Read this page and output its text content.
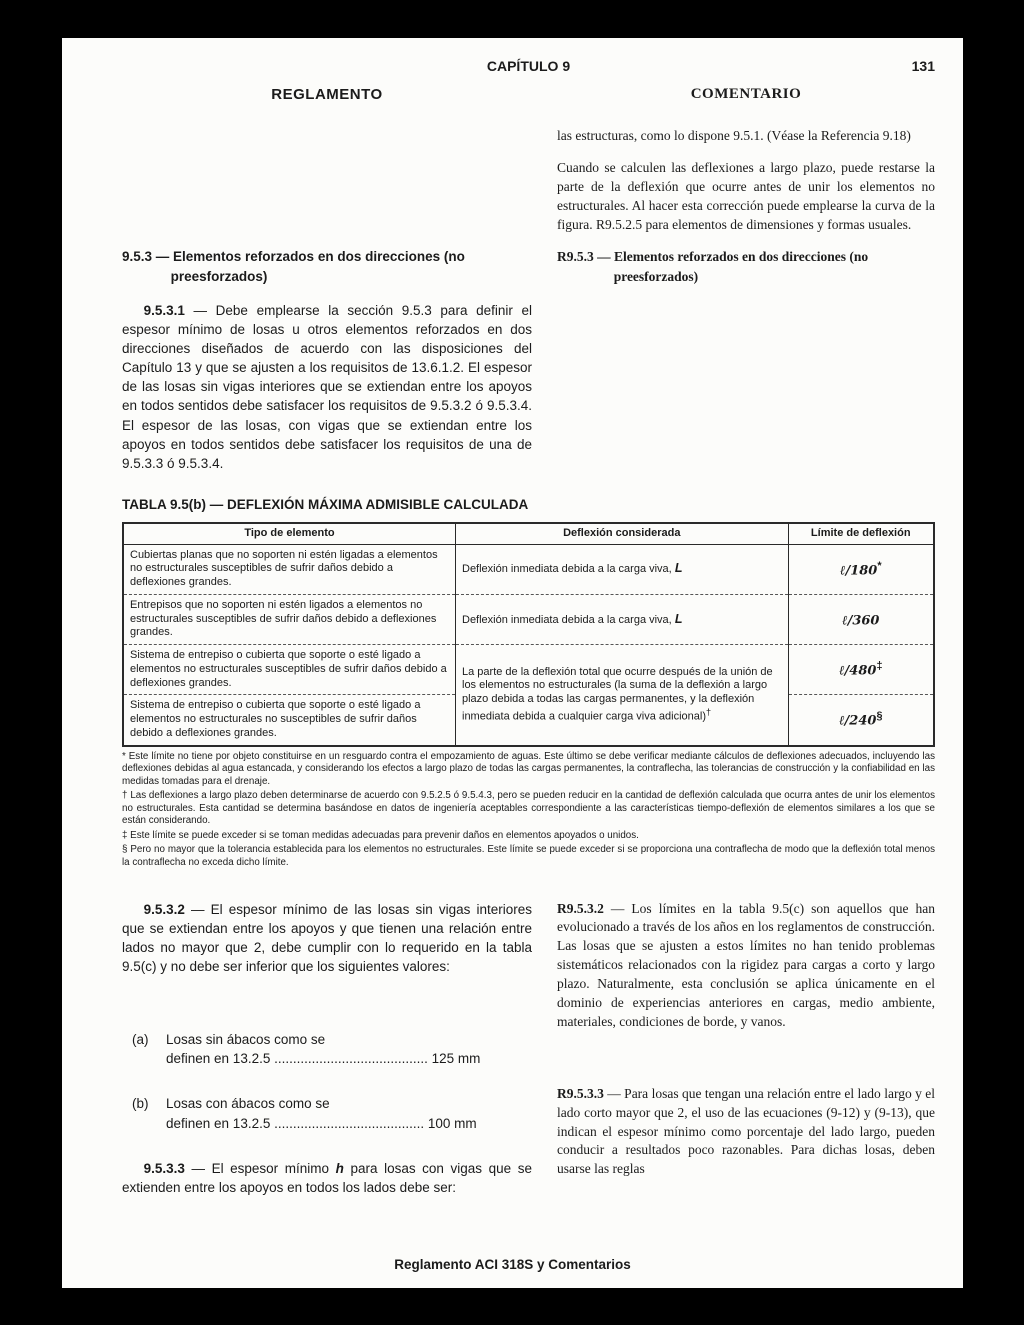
CAPÍTULO 9	131
REGLAMENTO	COMENTARIO

las estructuras, como lo dispone 9.5.1. (Véase la Referencia 9.18)

Cuando se calculen las deflexiones a largo plazo, puede restarse la parte de la deflexión que ocurre antes de unir los elementos no estructurales. Al hacer esta corrección puede emplearse la curva de la figura. R9.5.2.5 para elementos de dimensiones y formas usuales.

9.5.3 — Elementos reforzados en dos direcciones (no
preesforzados)

9.5.3.1 — Debe emplearse la sección 9.5.3 para definir el espesor mínimo de losas u otros elementos reforzados en dos direcciones diseñados de acuerdo con las disposiciones del Capítulo 13 y que se ajusten a los requisitos de 13.6.1.2. El espesor de las losas sin vigas interiores que se extiendan entre los apoyos en todos sentidos debe satisfacer los requisitos de 9.5.3.2 ó 9.5.3.4. El espesor de las losas, con vigas que se extiendan entre los apoyos en todos sentidos debe satisfacer los requisitos de una de 9.5.3.3 ó 9.5.3.4.

R9.5.3 — Elementos reforzados en dos direcciones (no
preesforzados)
TABLA 9.5(b) — DEFLEXIÓN MÁXIMA ADMISIBLE CALCULADA
Tipo de elemento	Deflexión considerada	Límite de deflexión
Cubiertas planas que no soporten ni estén ligadas a elementos no estructurales susceptibles de sufrir daños debido a deflexiones grandes.	Deflexión inmediata debida a la carga viva, L	ℓ/180*
Entrepisos que no soporten ni estén ligados a elementos no estructurales susceptibles de sufrir daños debido a deflexiones grandes.	Deflexión inmediata debida a la carga viva, L	ℓ/360
Sistema de entrepiso o cubierta que soporte o esté ligado a elementos no estructurales susceptibles de sufrir daños debido a deflexiones grandes.	La parte de la deflexión total que ocurre después de la unión de los elementos no estructurales (la suma de la deflexión a largo plazo debida a todas las cargas permanentes, y la deflexión inmediata debida a cualquier carga viva adicional)†	ℓ/480‡
Sistema de entrepiso o cubierta que soporte o esté ligado a elementos no estructurales no susceptibles de sufrir daños debido a deflexiones grandes.		ℓ/240§
* Este límite no tiene por objeto constituirse en un resguardo contra el empozamiento de aguas. Este último se debe verificar mediante cálculos de deflexiones adecuados, incluyendo las deflexiones debidas al agua estancada, y considerando los efectos a largo plazo de todas las cargas permanentes, la contraflecha, las tolerancias de construcción y la confiabilidad en las medidas tomadas para el drenaje.
† Las deflexiones a largo plazo deben determinarse de acuerdo con 9.5.2.5 ó 9.5.4.3, pero se pueden reducir en la cantidad de deflexión calculada que ocurra antes de unir los elementos no estructurales. Esta cantidad se determina basándose en datos de ingeniería aceptables correspondiente a las características tiempo-deflexión de elementos similares a los que se están considerando.
‡ Este límite se puede exceder si se toman medidas adecuadas para prevenir daños en elementos apoyados o unidos.
§ Pero no mayor que la tolerancia establecida para los elementos no estructurales. Este límite se puede exceder si se proporciona una contraflecha de modo que la deflexión total menos la contraflecha no exceda dicho límite.

9.5.3.2 — El espesor mínimo de las losas sin vigas interiores que se extiendan entre los apoyos y que tienen una relación entre lados no mayor que 2, debe cumplir con lo requerido en la tabla 9.5(c) y no debe ser inferior que los siguientes valores:

(a)	Losas sin ábacos como se
definen en 13.2.5 ......................................... 125 mm
(b)	Losas con ábacos como se
definen en 13.2.5 ........................................ 100 mm

9.5.3.3 — El espesor mínimo h para losas con vigas que se extienden entre los apoyos en todos los lados debe ser:

R9.5.3.2 — Los límites en la tabla 9.5(c) son aquellos que han evolucionado a través de los años en los reglamentos de construcción. Las losas que se ajusten a estos límites no han tenido problemas sistemáticos relacionados con la rigidez para cargas a corto y largo plazo. Naturalmente, esta conclusión se aplica únicamente en el dominio de experiencias anteriores en cargas, medio ambiente, materiales, condiciones de borde, y vanos.

R9.5.3.3 — Para losas que tengan una relación entre el lado largo y el lado corto mayor que 2, el uso de las ecuaciones (9-12) y (9-13), que indican el espesor mínimo como porcentaje del lado largo, pueden conducir a resultados poco razonables. Para dichas losas, deben usarse las reglas

Reglamento ACI 318S y Comentarios
